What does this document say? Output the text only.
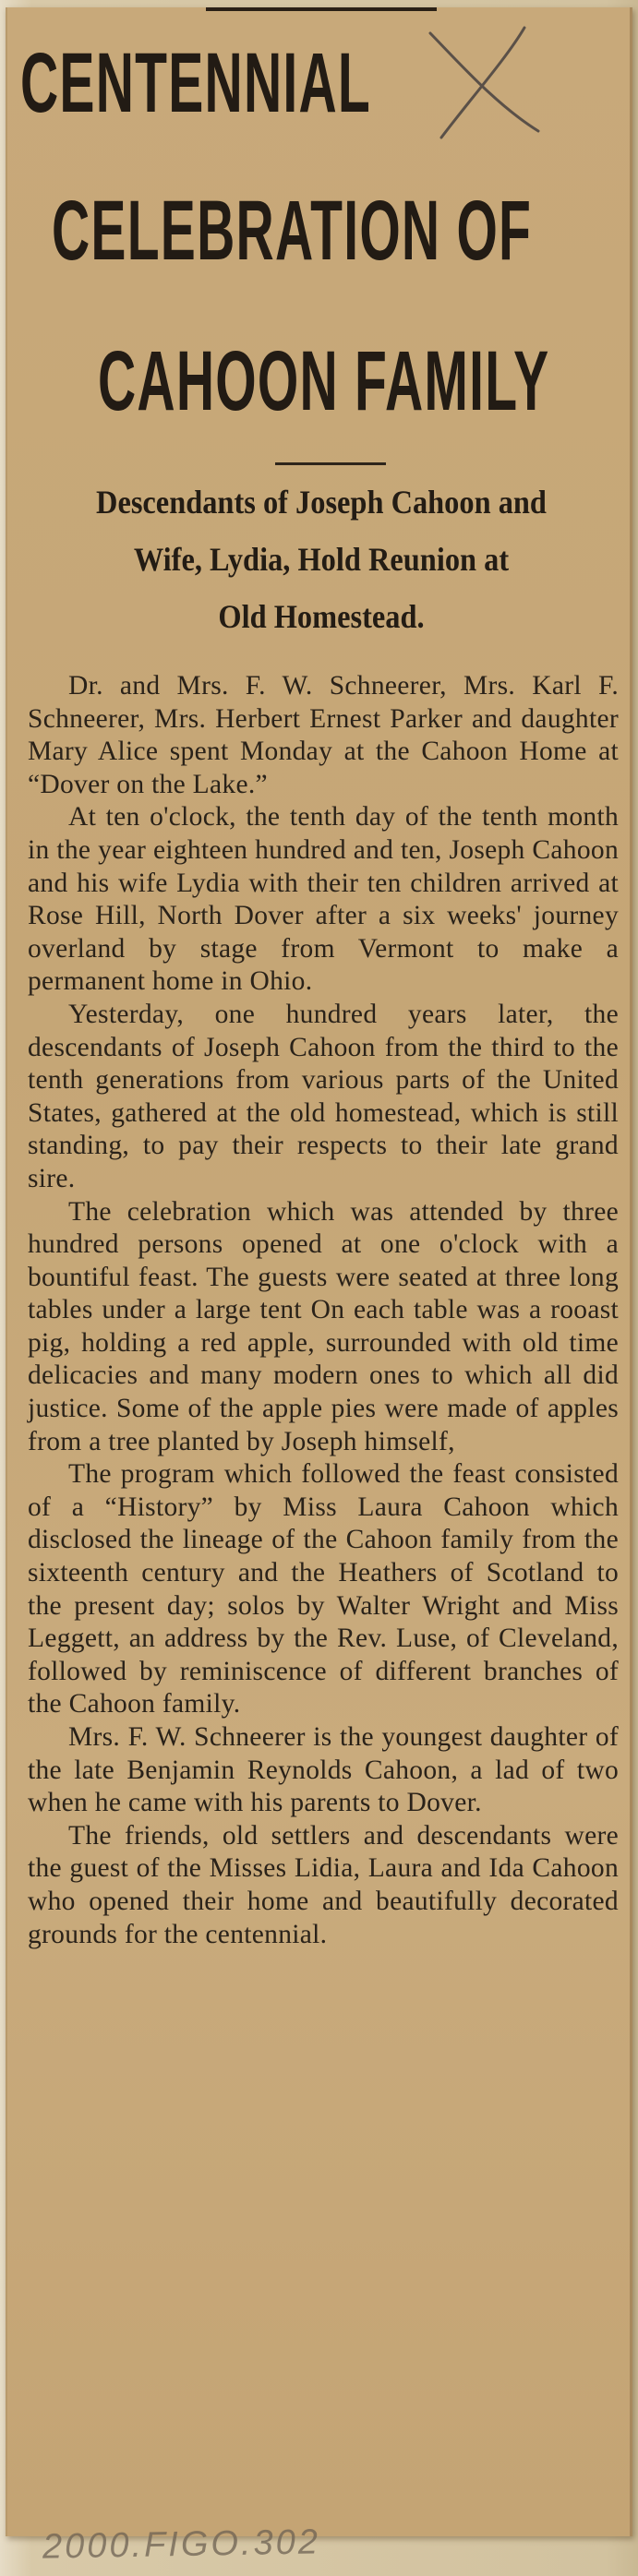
CENTENNIAL
CELEBRATION OF
CAHOON FAMILY
Descendants of Joseph Cahoon and
Wife, Lydia, Hold Reunion at
Old Homestead.

Dr. and Mrs. F. W. Schneerer, Mrs. Karl F. Schneerer, Mrs. Herbert Ernest Parker and daughter Mary Alice spent Monday at the Cahoon Home at “Dover on the Lake.”

At ten o'clock, the tenth day of the tenth month in the year eighteen hundred and ten, Joseph Cahoon and his wife Lydia with their ten children arrived at Rose Hill, North Dover after a six weeks' journey overland by stage from Vermont to make a permanent home in Ohio.

Yesterday, one hundred years later, the descendants of Joseph Cahoon from the third to the tenth generations from various parts of the United States, gathered at the old homestead, which is still standing, to pay their respects to their late grand sire.

The celebration which was attended by three hundred persons opened at one o'clock with a bountiful feast. The guests were seated at three long tables under a large tent On each table was a rooast pig, holding a red apple, surrounded with old time delicacies and many modern ones to which all did justice. Some of the apple pies were made of apples from a tree planted by Joseph himself,

The program which followed the feast consisted of a “History” by Miss Laura Cahoon which disclosed the lineage of the Cahoon family from the sixteenth century and the Heathers of Scotland to the present day; solos by Walter Wright and Miss Leggett, an address by the Rev. Luse, of Cleveland, followed by reminiscence of different branches of the Cahoon family.

Mrs. F. W. Schneerer is the youngest daughter of the late Benjamin Reynolds Cahoon, a lad of two when he came with his parents to Dover.

The friends, old settlers and descendants were the guest of the Misses Lidia, Laura and Ida Cahoon who opened their home and beautifully decorated grounds for the centennial.

2000.FIGO.302
